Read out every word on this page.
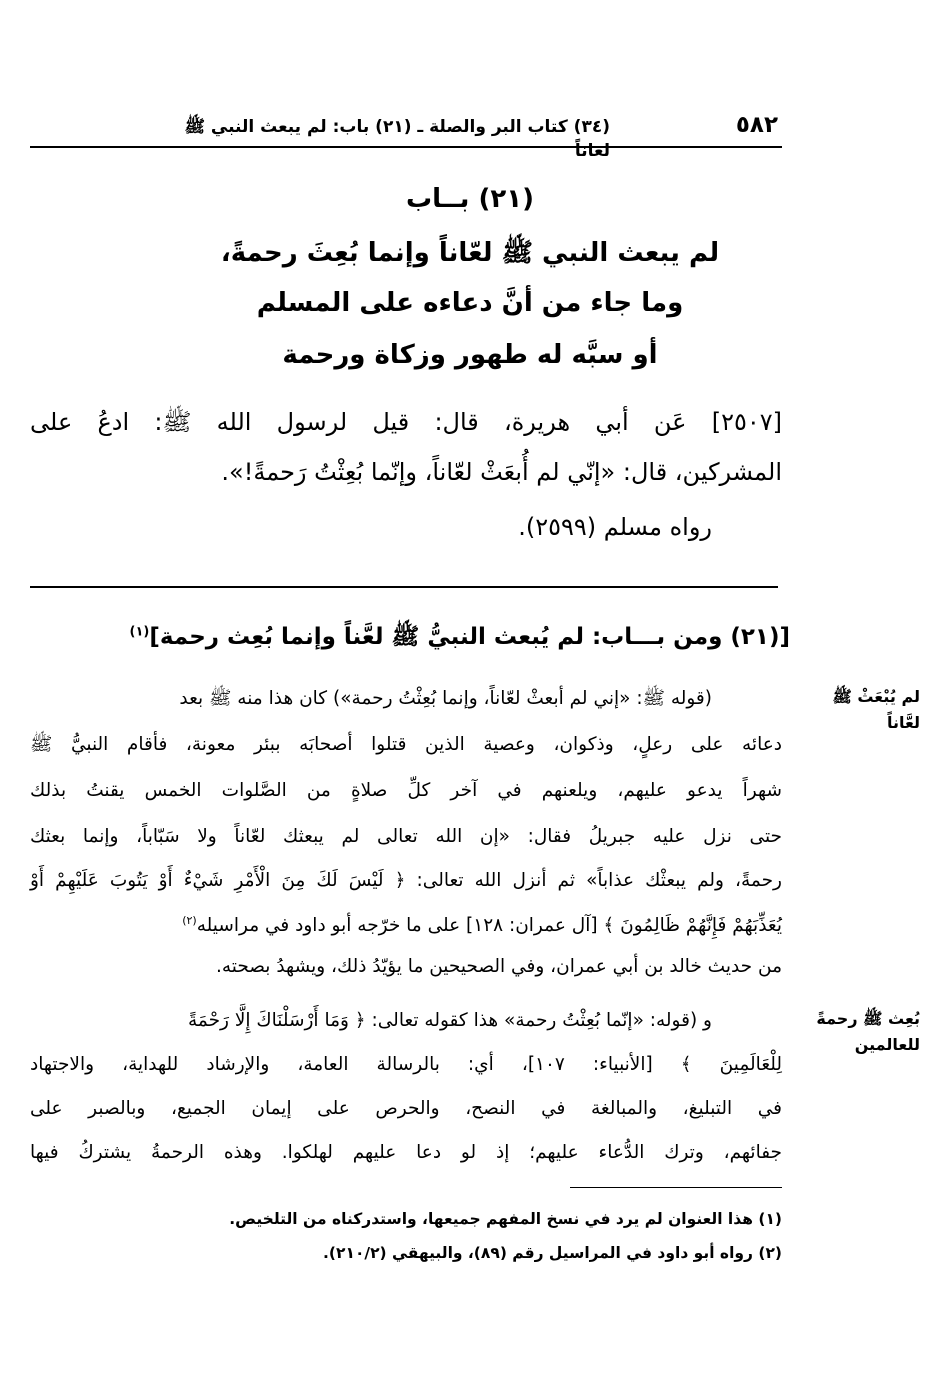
٥٨٢
(٣٤) كتاب البر والصلة ـ (٢١) باب: لم يبعث النبي ﷺ لعاناً
(٢١) بــاب
لم يبعث النبي ﷺ لعّاناً وإنما بُعِثَ رحمةً،
وما جاء من أنَّ دعاءه على المسلم
أو سبَّه له طهور وزكاة ورحمة
[٢٥٠٧] عَن أبي هريرة، قال: قيل لرسول الله ﷺ: ادعُ على
المشركين، قال: «إنّي لم أُبعَثْ لعّاناً، وإنّما بُعِثْتُ رَحمةً!».
رواه مسلم (٢٥٩٩).
[(٢١) ومن بـــاب: لم يُبعث النبيُّ ﷺ لعَّناً وإنما بُعِث رحمة]$^{(١)}$
لم يُبْعَثْ ﷺ لعَّاناً
بُعِث ﷺ رحمةً للعالمين
(قوله ﷺ: «إني لم أبعثْ لعّاناً، وإنما بُعِثْتُ رحمة») كان هذا منه ﷺ بعد
دعائه على رعلٍ، وذكوان، وعصية الذين قتلوا أصحابَه ببئر معونة، فأقام النبيُّ ﷺ
شهراً يدعو عليهم، ويلعنهم في آخر كلِّ صلاةٍ من الصَّلوات الخمس يقنتُ بذلك
حتى نزل عليه جبريلُ فقال: «إن الله تعالى لم يبعثك لعّاناً ولا سَبّاباً، وإنما بعثك
رحمةً، ولم يبعثْك عذاباً» ثم أنزل الله تعالى: ﴿ لَيْسَ لَكَ مِنَ الْأَمْرِ شَيْءٌ أَوْ يَتُوبَ عَلَيْهِمْ أَوْ
يُعَذِّبَهُمْ فَإِنَّهُمْ ظَالِمُونَ ﴾ [آل عمران: ١٢٨] على ما خرّجه أبو داود في مراسيله$^{(٢)}$
من حديث خالد بن أبي عمران، وفي الصحيحين ما يؤيّدُ ذلك، ويشهدُ بصحته.
و (قوله: «إنّما بُعِثْتُ رحمة» هذا كقوله تعالى: ﴿ وَمَا أَرْسَلْنَاكَ إِلَّا رَحْمَةً
لِلْعَالَمِينَ ﴾ [الأنبياء: ١٠٧]، أي: بالرسالة العامة، والإرشاد للهداية، والاجتهاد
في التبليغ، والمبالغة في النصح، والحرص على إيمان الجميع، وبالصبر على
جفائهم، وترك الدُّعاء عليهم؛ إذ لو دعا عليهم لهلكوا. وهذه الرحمةُ يشتركُ فيها
(١) هذا العنوان لم يرد في نسخ المفهم جميعها، واستدركناه من التلخيص.
(٢) رواه أبو داود في المراسيل رقم (٨٩)، والبيهقي (٢١٠/٢).
